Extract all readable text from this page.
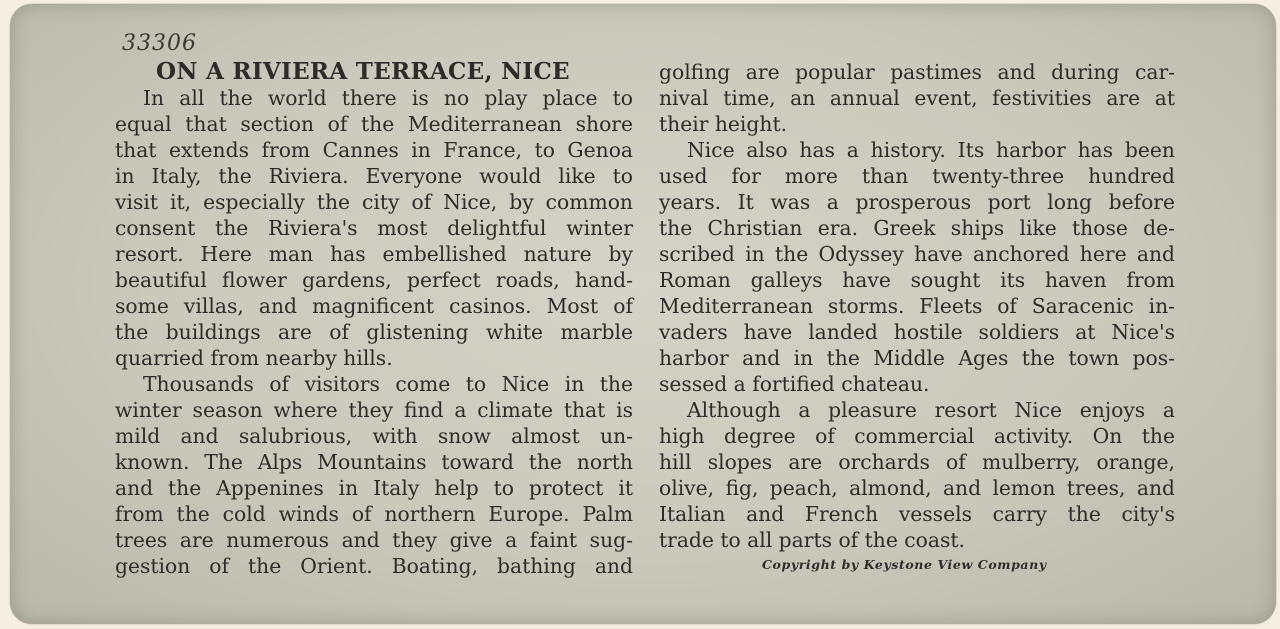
33306
ON A RIVIERA TERRACE, NICE
In all the world there is no play place to
equal that section of the Mediterranean shore
that extends from Cannes in France, to Genoa
in Italy, the Riviera. Everyone would like to
visit it, especially the city of Nice, by common
consent the Riviera's most delightful winter
resort. Here man has embellished nature by
beautiful flower gardens, perfect roads, hand-
some villas, and magnificent casinos. Most of
the buildings are of glistening white marble
quarried from nearby hills.
Thousands of visitors come to Nice in the
winter season where they find a climate that is
mild and salubrious, with snow almost un-
known. The Alps Mountains toward the north
and the Appenines in Italy help to protect it
from the cold winds of northern Europe. Palm
trees are numerous and they give a faint sug-
gestion of the Orient. Boating, bathing and
golfing are popular pastimes and during car-
nival time, an annual event, festivities are at
their height.
Nice also has a history. Its harbor has been
used for more than twenty-three hundred
years. It was a prosperous port long before
the Christian era. Greek ships like those de-
scribed in the Odyssey have anchored here and
Roman galleys have sought its haven from
Mediterranean storms. Fleets of Saracenic in-
vaders have landed hostile soldiers at Nice's
harbor and in the Middle Ages the town pos-
sessed a fortified chateau.
Although a pleasure resort Nice enjoys a
high degree of commercial activity. On the
hill slopes are orchards of mulberry, orange,
olive, fig, peach, almond, and lemon trees, and
Italian and French vessels carry the city's
trade to all parts of the coast.
Copyright by Keystone View Company
